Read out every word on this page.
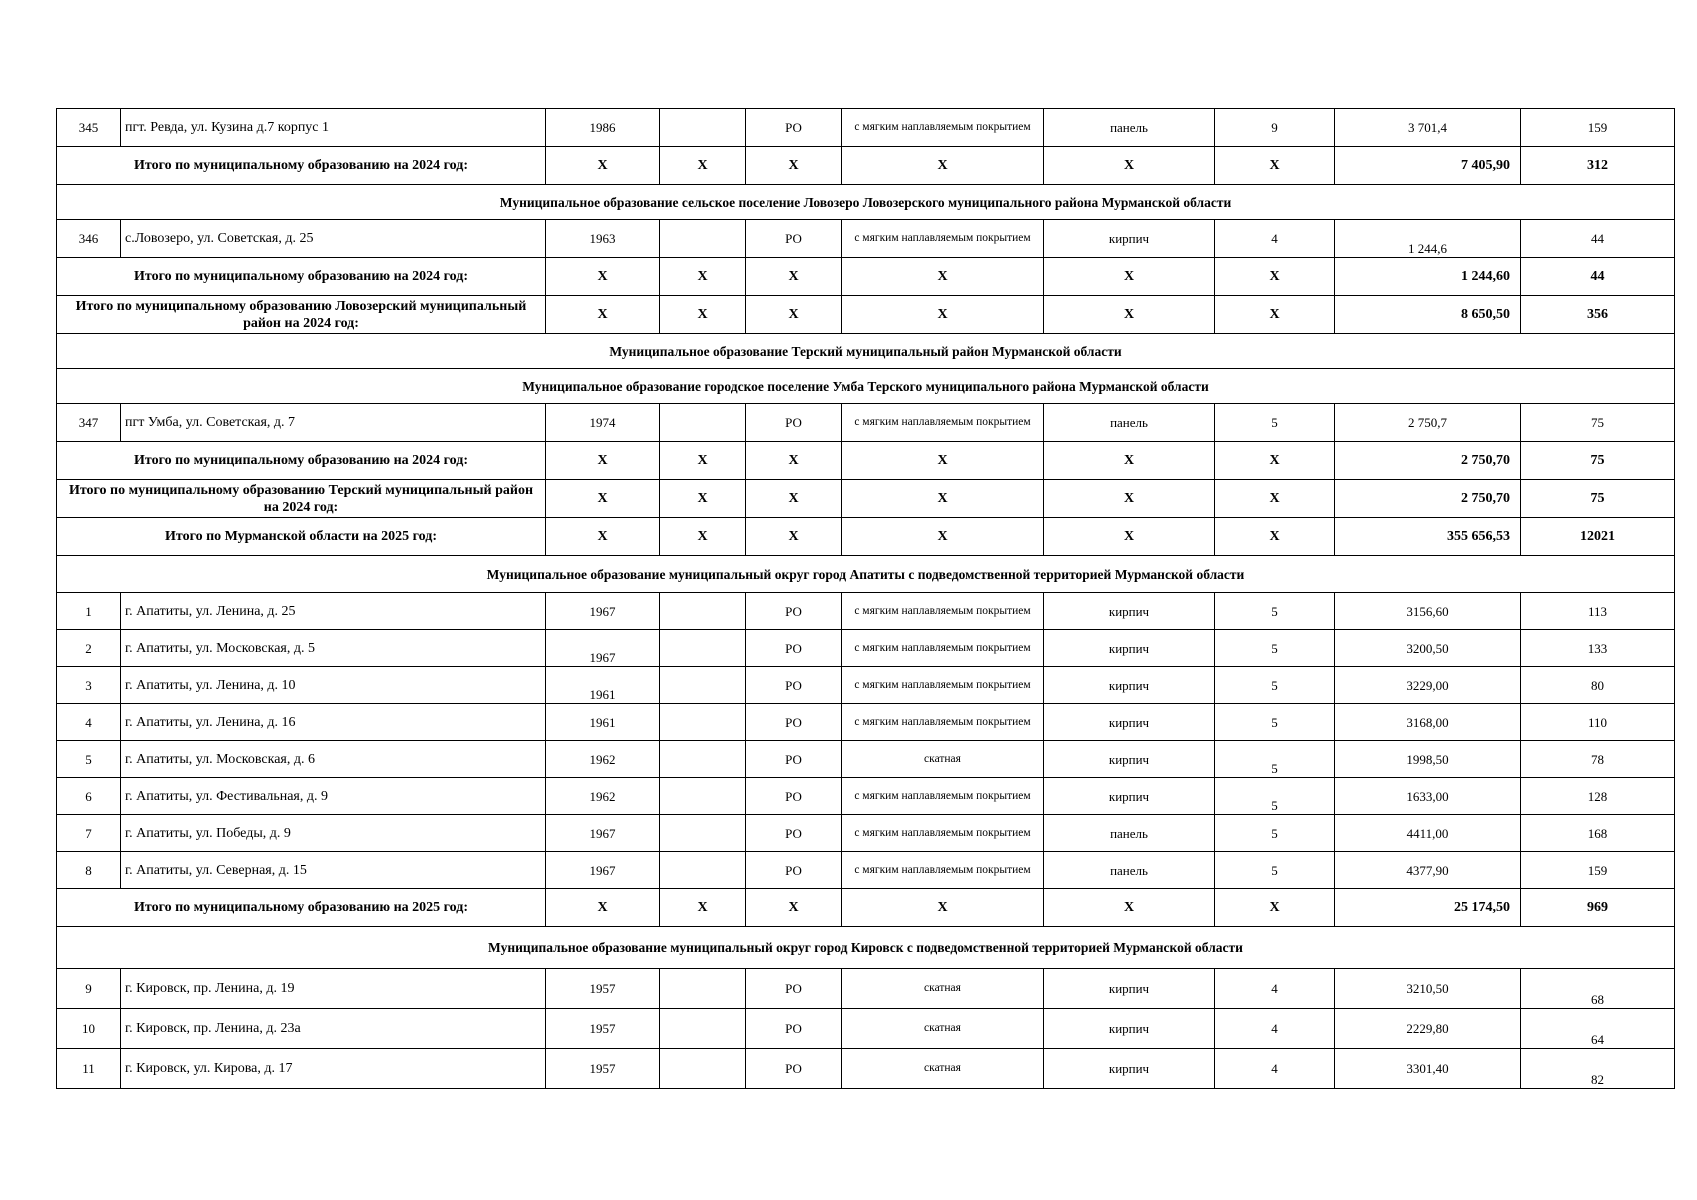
345	пгт. Ревда, ул. Кузина д.7 корпус 1	1986		РО	с мягким наплавляемым покрытием	панель	9	3 701,4	159
Итого по муниципальному образованию на 2024 год:		X	X	X	X	X	X	7 405,90	312
Муниципальное образование сельское поселение Ловозеро Ловозерского муниципального района Мурманской области									
346	с.Ловозеро, ул. Советская, д. 25	1963		РО	с мягким наплавляемым покрытием	кирпич	4	1 244,6	44
Итого по муниципальному образованию на 2024 год:		X	X	X	X	X	X	1 244,60	44
Итого по муниципальному образованию Ловозерский муниципальный район на 2024 год:		X	X	X	X	X	X	8 650,50	356
Муниципальное образование Терский муниципальный район Мурманской области									
Муниципальное образование городское поселение Умба Терского муниципального района Мурманской области									
347	пгт Умба, ул. Советская, д. 7	1974		РО	с мягким наплавляемым покрытием	панель	5	2 750,7	75
Итого по муниципальному образованию на 2024 год:		X	X	X	X	X	X	2 750,70	75
Итого по муниципальному образованию Терский муниципальный район на 2024 год:		X	X	X	X	X	X	2 750,70	75
Итого по Мурманской области на 2025 год:		X	X	X	X	X	X	355 656,53	12021
Муниципальное образование муниципальный округ город Апатиты с подведомственной территорией Мурманской области									
1	г. Апатиты, ул. Ленина, д. 25	1967		РО	с мягким наплавляемым покрытием	кирпич	5	3156,60	113
2	г. Апатиты, ул. Московская, д. 5	1967		РО	с мягким наплавляемым покрытием	кирпич	5	3200,50	133
3	г. Апатиты, ул. Ленина, д. 10	1961		РО	с мягким наплавляемым покрытием	кирпич	5	3229,00	80
4	г. Апатиты, ул. Ленина, д. 16	1961		РО	с мягким наплавляемым покрытием	кирпич	5	3168,00	110
5	г. Апатиты, ул. Московская, д. 6	1962		РО	скатная	кирпич	5	1998,50	78
6	г. Апатиты, ул. Фестивальная, д. 9	1962		РО	с мягким наплавляемым покрытием	кирпич	5	1633,00	128
7	г. Апатиты, ул. Победы, д. 9	1967		РО	с мягким наплавляемым покрытием	панель	5	4411,00	168
8	г. Апатиты, ул. Северная, д. 15	1967		РО	с мягким наплавляемым покрытием	панель	5	4377,90	159
Итого по муниципальному образованию на 2025 год:		X	X	X	X	X	X	25 174,50	969
Муниципальное образование муниципальный округ город Кировск с подведомственной территорией Мурманской области									
9	г. Кировск, пр. Ленина, д. 19	1957		РО	скатная	кирпич	4	3210,50	68
10	г. Кировск, пр. Ленина, д. 23а	1957		РО	скатная	кирпич	4	2229,80	64
11	г. Кировск, ул. Кирова, д. 17	1957		РО	скатная	кирпич	4	3301,40	82
